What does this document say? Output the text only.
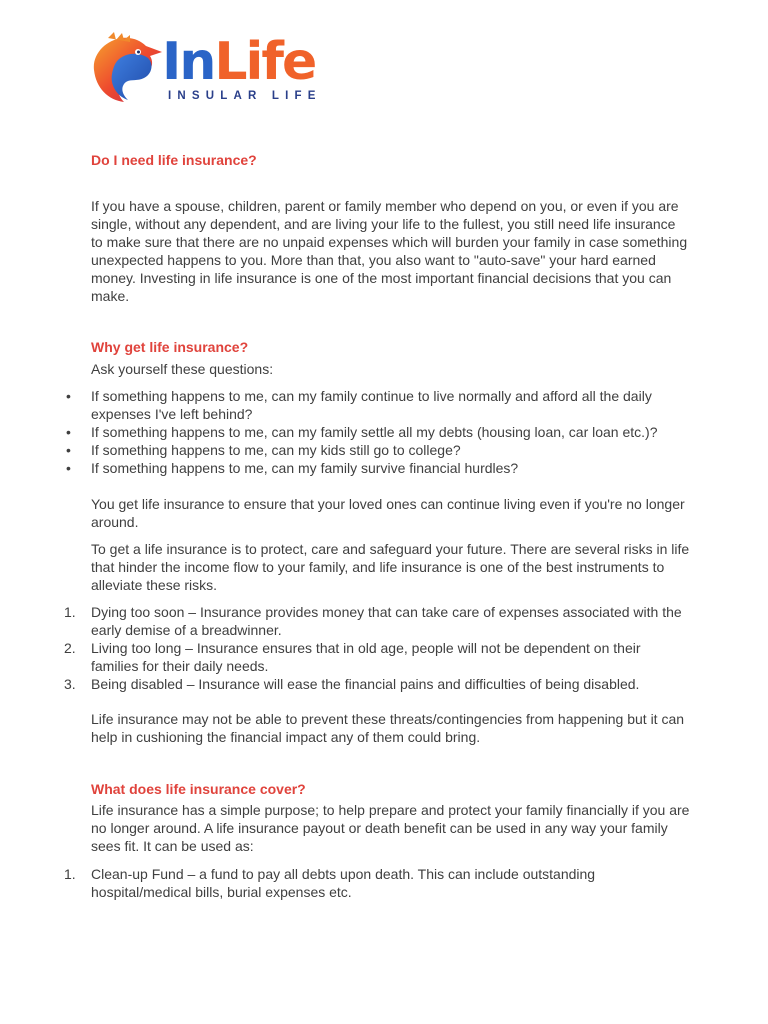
InLife
INSULAR LIFE
Do I need life insurance?

If you have a spouse, children, parent or family member who depend on you, or even if you are single, without any dependent, and are living your life to the fullest, you still need life insurance to make sure that there are no unpaid expenses which will burden your family in case something unexpected happens to you. More than that, you also want to "auto-save" your hard earned money. Investing in life insurance is one of the most important financial decisions that you can make.

Why get life insurance?

Ask yourself these questions:

•	If something happens to me, can my family continue to live normally and afford all the daily expenses I've left behind?
•	If something happens to me, can my family settle all my debts (housing loan, car loan etc.)?
•	If something happens to me, can my kids still go to college?
•	If something happens to me, can my family survive financial hurdles?

You get life insurance to ensure that your loved ones can continue living even if you're no longer around.

To get a life insurance is to protect, care and safeguard your future. There are several risks in life that hinder the income flow to your family, and life insurance is one of the best instruments to alleviate these risks.

1.	Dying too soon – Insurance provides money that can take care of expenses associated with the early demise of a breadwinner.
2.	Living too long – Insurance ensures that in old age, people will not be dependent on their families for their daily needs.
3.	Being disabled – Insurance will ease the financial pains and difficulties of being disabled.

Life insurance may not be able to prevent these threats/contingencies from happening but it can help in cushioning the financial impact any of them could bring.

What does life insurance cover?

Life insurance has a simple purpose; to help prepare and protect your family financially if you are no longer around. A life insurance payout or death benefit can be used in any way your family sees fit. It can be used as:

1.	Clean-up Fund – a fund to pay all debts upon death. This can include outstanding hospital/medical bills, burial expenses etc.
